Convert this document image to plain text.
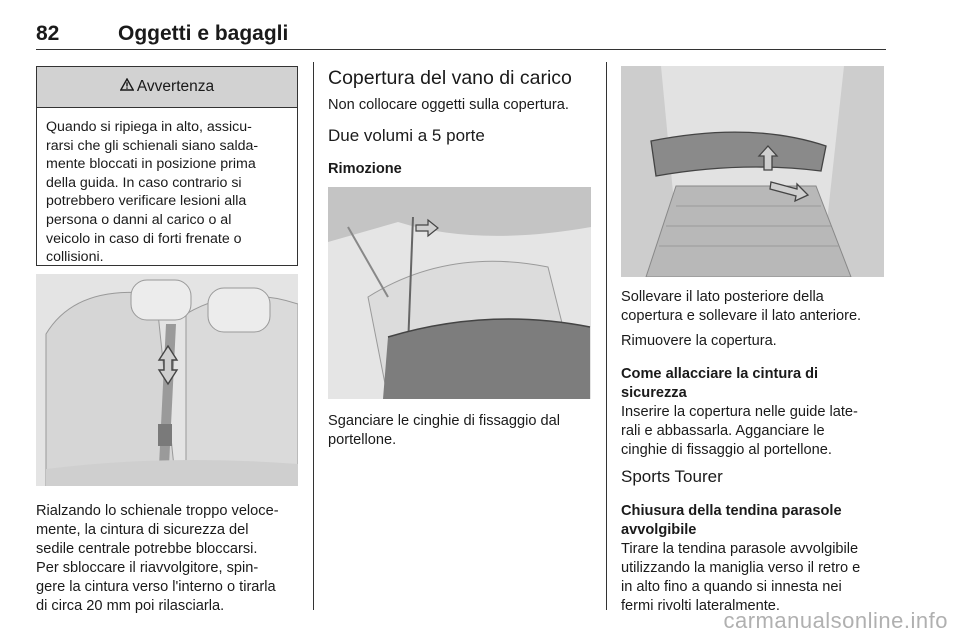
82	Oggetti e bagagli
Avvertenza
Quando si ripiega in alto, assicu-
rarsi che gli schienali siano salda-
mente bloccati in posizione prima
della guida. In caso contrario si
potrebbero verificare lesioni alla
persona o danni al carico o al
veicolo in caso di forti frenate o
collisioni.

Rialzando lo schienale troppo veloce-

mente, la cintura di sicurezza del

sedile centrale potrebbe bloccarsi.

Per sbloccare il riavvolgitore, spin-

gere la cintura verso l'interno o tirarla

di circa 20 mm poi rilasciarla.

Copertura del vano di carico
Non collocare oggetti sulla copertura.
Due volumi a 5 porte
Rimozione

Sganciare le cinghie di fissaggio dal

portellone.

Sollevare il lato posteriore della

copertura e sollevare il lato anteriore.

Rimuovere la copertura.
Come allacciare la cintura di
sicurezza

Inserire la copertura nelle guide late-

rali e abbassarla. Agganciare le

cinghie di fissaggio al portellone.

Sports Tourer
Chiusura della tendina parasole
avvolgibile

Tirare la tendina parasole avvolgibile

utilizzando la maniglia verso il retro e

in alto fino a quando si innesta nei

fermi rivolti lateralmente.

carmanualsonline.info
